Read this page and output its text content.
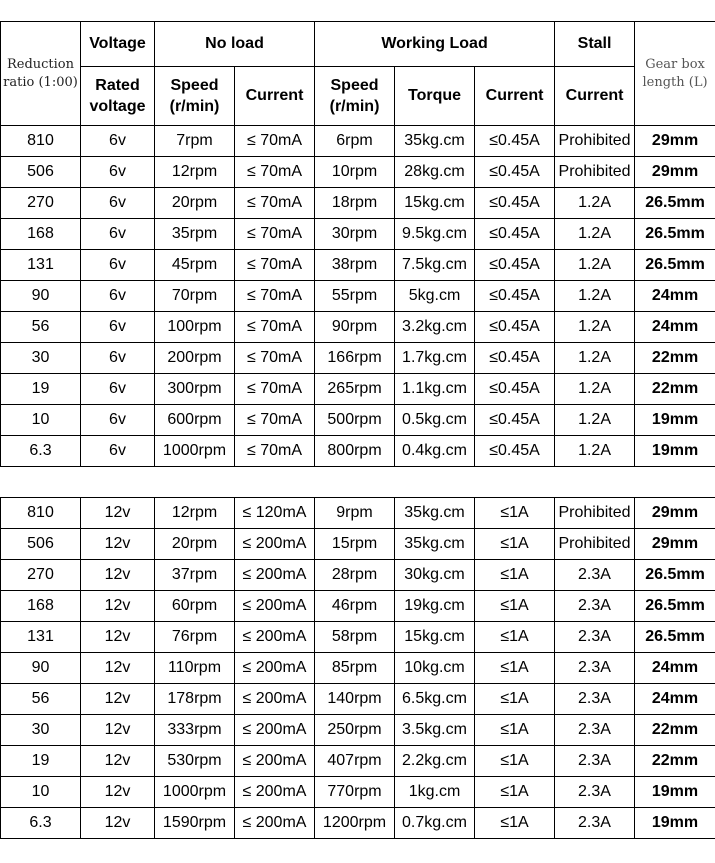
Reduction ratio (1:00)	Voltage	No load		Working Load			Stall	Gear box length (L)
	Rated voltage	Speed (r/min)	Current	Speed (r/min)	Torque	Current	Current	
810	6v	7rpm	≤ 70mA	6rpm	35kg.cm	≤0.45A	Prohibited	29mm
506	6v	12rpm	≤ 70mA	10rpm	28kg.cm	≤0.45A	Prohibited	29mm
270	6v	20rpm	≤ 70mA	18rpm	15kg.cm	≤0.45A	1.2A	26.5mm
168	6v	35rpm	≤ 70mA	30rpm	9.5kg.cm	≤0.45A	1.2A	26.5mm
131	6v	45rpm	≤ 70mA	38rpm	7.5kg.cm	≤0.45A	1.2A	26.5mm
90	6v	70rpm	≤ 70mA	55rpm	5kg.cm	≤0.45A	1.2A	24mm
56	6v	100rpm	≤ 70mA	90rpm	3.2kg.cm	≤0.45A	1.2A	24mm
30	6v	200rpm	≤ 70mA	166rpm	1.7kg.cm	≤0.45A	1.2A	22mm
19	6v	300rpm	≤ 70mA	265rpm	1.1kg.cm	≤0.45A	1.2A	22mm
10	6v	600rpm	≤ 70mA	500rpm	0.5kg.cm	≤0.45A	1.2A	19mm
6.3	6v	1000rpm	≤ 70mA	800rpm	0.4kg.cm	≤0.45A	1.2A	19mm
810	12v	12rpm	≤ 120mA	9rpm	35kg.cm	≤1A	Prohibited	29mm
506	12v	20rpm	≤ 200mA	15rpm	35kg.cm	≤1A	Prohibited	29mm
270	12v	37rpm	≤ 200mA	28rpm	30kg.cm	≤1A	2.3A	26.5mm
168	12v	60rpm	≤ 200mA	46rpm	19kg.cm	≤1A	2.3A	26.5mm
131	12v	76rpm	≤ 200mA	58rpm	15kg.cm	≤1A	2.3A	26.5mm
90	12v	110rpm	≤ 200mA	85rpm	10kg.cm	≤1A	2.3A	24mm
56	12v	178rpm	≤ 200mA	140rpm	6.5kg.cm	≤1A	2.3A	24mm
30	12v	333rpm	≤ 200mA	250rpm	3.5kg.cm	≤1A	2.3A	22mm
19	12v	530rpm	≤ 200mA	407rpm	2.2kg.cm	≤1A	2.3A	22mm
10	12v	1000rpm	≤ 200mA	770rpm	1kg.cm	≤1A	2.3A	19mm
6.3	12v	1590rpm	≤ 200mA	1200rpm	0.7kg.cm	≤1A	2.3A	19mm
